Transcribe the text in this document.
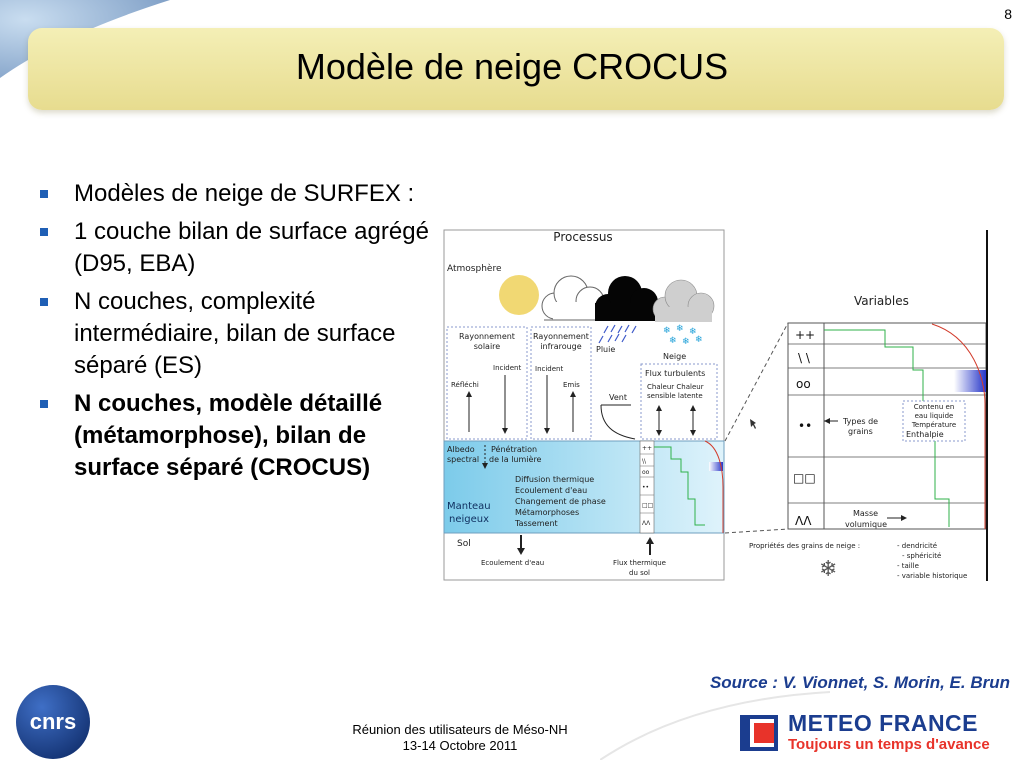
8
Modèle de neige CROCUS
Modèles de neige de SURFEX :
1 couche bilan de surface agrégé (D95, EBA)
N couches, complexité intermédiaire, bilan de surface séparé (ES)
N couches, modèle détaillé (métamorphose), bilan de surface séparé (CROCUS)
Processus
Atmosphère
❄ ❄ ❄
❄ ❄ ❄
Pluie
Neige
Rayonnement
solaire
Incident
Réfléchi
Rayonnement
infrarouge
Incident
Emis
Vent
Flux turbulents
Chaleur Chaleur
sensible latente
++
\\
oo
••
□□
ΛΛ
Albedo
spectral
Pénétration
de la lumière
Diffusion thermique
Ecoulement d'eau
Changement de phase
Métamorphoses
Tassement
Manteau
neigeux
Sol
Ecoulement d'eau	Flux thermique
du sol
Variables
++
\ \
oo
••
□□
ΛΛ
Types de
grains
Contenu en
eau liquide
Température
Enthalpie
Masse
volumique
Propriétés des grains de neige :	- dendricité
- sphéricité
- taille
- variable historique
❄
Source : V. Vionnet, S. Morin, E. Brun
Réunion des utilisateurs de Méso-NH
13-14 Octobre 2011
cnrs	METEO FRANCE
Toujours un temps d'avance
